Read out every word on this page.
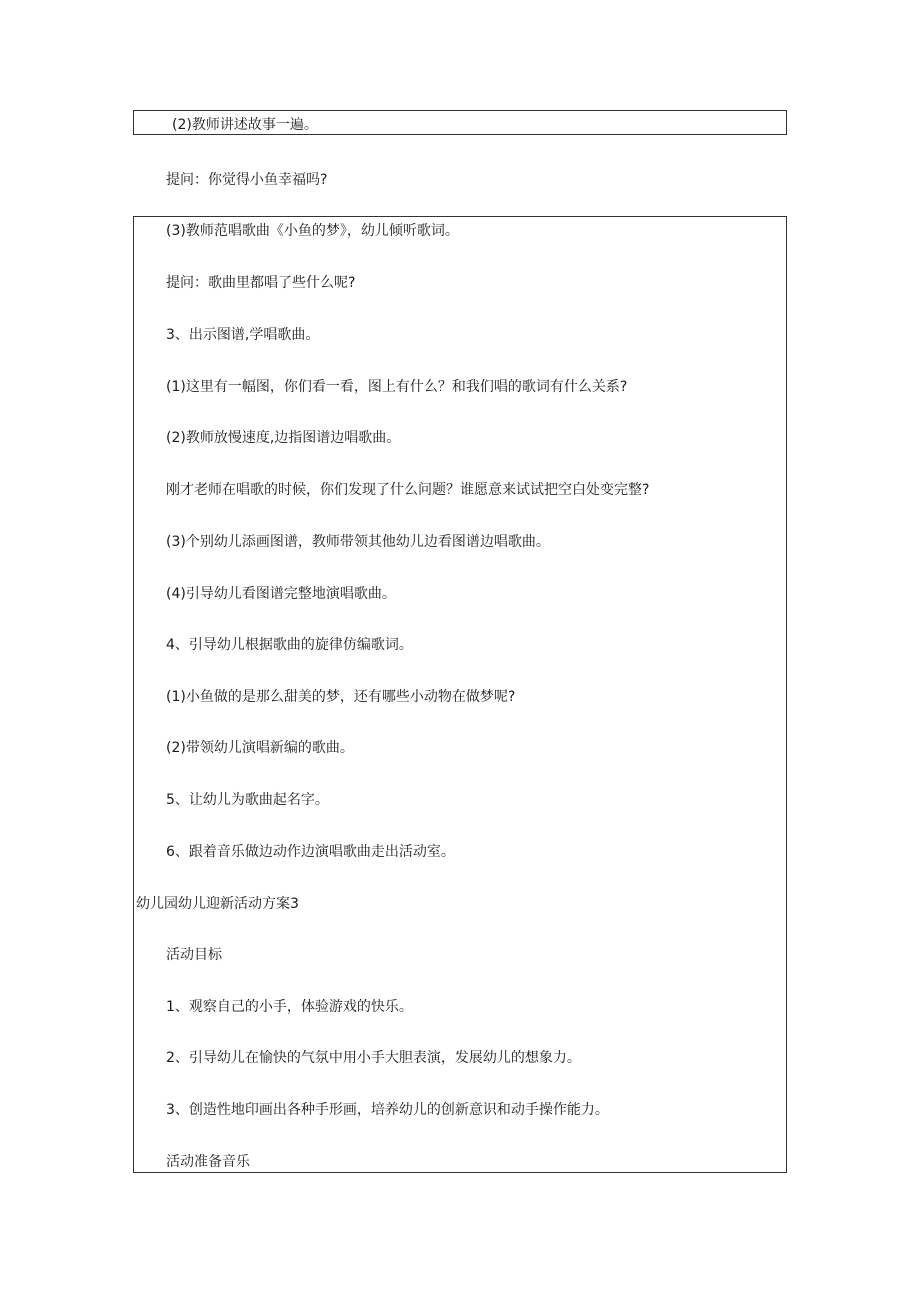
(2)教师讲述故事一遍。
提问：你觉得小鱼幸福吗?
(3)教师范唱歌曲《小鱼的梦》，幼儿倾听歌词。
提问：歌曲里都唱了些什么呢?
3、出示图谱,学唱歌曲。
(1)这里有一幅图，你们看一看，图上有什么？和我们唱的歌词有什么关系?
(2)教师放慢速度,边指图谱边唱歌曲。
刚才老师在唱歌的时候，你们发现了什么问题？谁愿意来试试把空白处变完整?
(3)个别幼儿添画图谱，教师带领其他幼儿边看图谱边唱歌曲。
(4)引导幼儿看图谱完整地演唱歌曲。
4、引导幼儿根据歌曲的旋律仿编歌词。
(1)小鱼做的是那么甜美的梦，还有哪些小动物在做梦呢?
(2)带领幼儿演唱新编的歌曲。
5、让幼儿为歌曲起名字。
6、跟着音乐做边动作边演唱歌曲走出活动室。
幼儿园幼儿迎新活动方案3
活动目标
1、观察自己的小手，体验游戏的快乐。
2、引导幼儿在愉快的气氛中用小手大胆表演，发展幼儿的想象力。
3、创造性地印画出各种手形画，培养幼儿的创新意识和动手操作能力。
活动准备音乐
